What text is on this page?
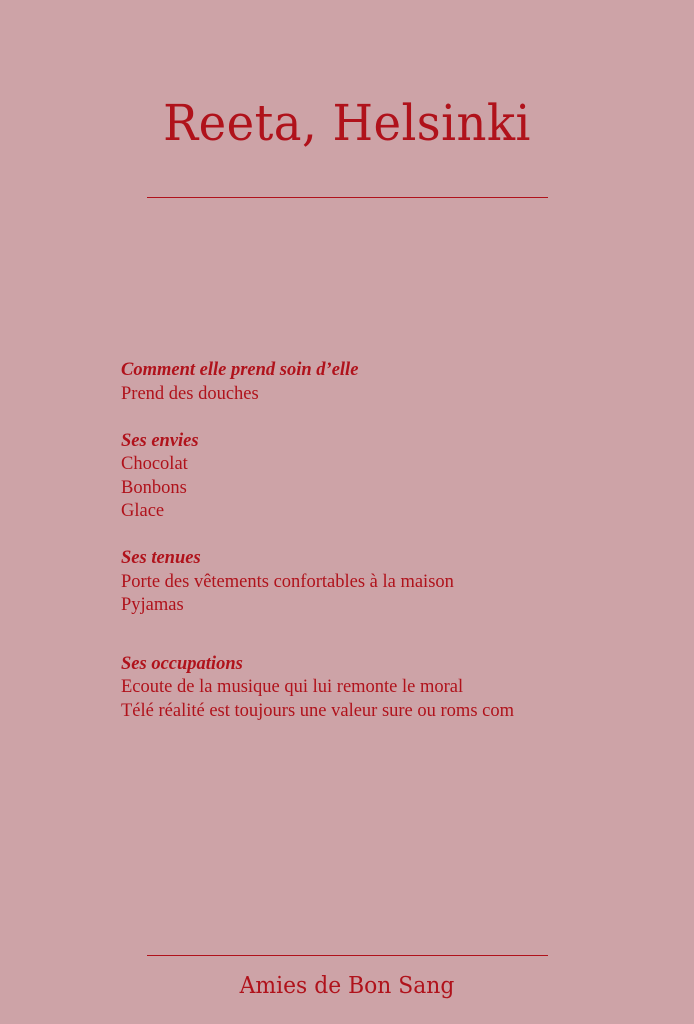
Reeta, Helsinki
Comment elle prend soin d’elle
Prend des douches
Ses envies
Chocolat
Bonbons
Glace
Ses tenues
Porte des vêtements confortables à la maison
Pyjamas
Ses occupations
Ecoute de la musique qui lui remonte le moral
Télé réalité est toujours une valeur sure ou roms com
Amies de Bon Sang
